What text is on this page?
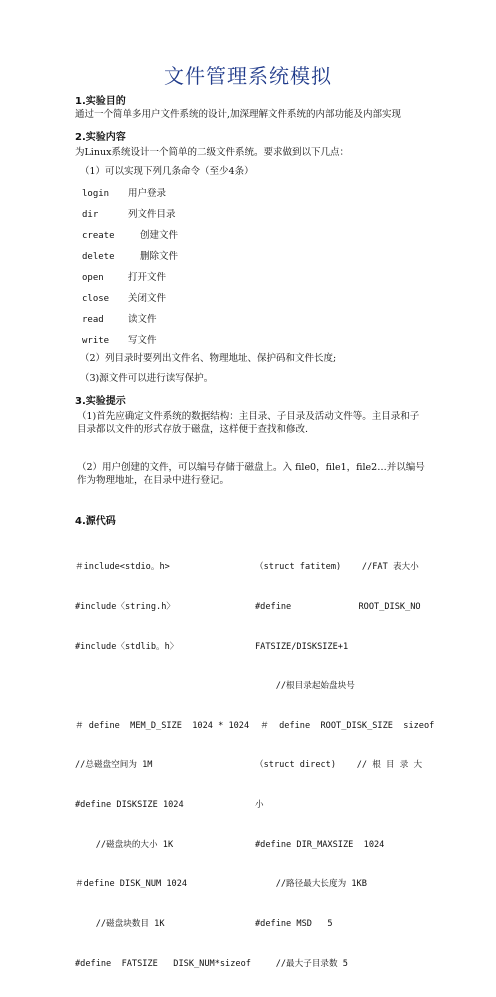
文件管理系统模拟
1.实验目的
通过一个简单多用户文件系统的设计,加深理解文件系统的内部功能及内部实现
2.实验内容
为Linux系统设计一个简单的二级文件系统。要求做到以下几点：
（1）可以实现下列几条命令（至少4条）
login 用户登录
dir	列文件目录
create	创建文件
delete	删除文件
open	打开文件
close 关闭文件
read	读文件
write 写文件
（2）列目录时要列出文件名、物理地址、保护码和文件长度;
（3)源文件可以进行读写保护。
3.实验提示
（1)首先应确定文件系统的数据结构：主目录、子目录及活动文件等。主目录和子目录都以文件的形式存放于磁盘，这样便于查找和修改.
（2）用户创建的文件，可以编号存储于磁盘上。入 file0，file1，file2…并以编号作为物理地址，在目录中进行登记。
4.源代码

＃include<stdio。h>

#include〈string.h〉

#include〈stdlib。h〉

＃ define  MEM_D_SIZE  1024 * 1024

//总磁盘空间为 1M

#define DISKSIZE 1024

//磁盘块的大小 1K

＃define DISK_NUM 1024

//磁盘块数目 1K

#define  FATSIZE   DISK_NUM*sizeof

（struct fatitem)    //FAT 表大小

#define             ROOT_DISK_NO

FATSIZE/DISKSIZE+1

//根目录起始盘块号

＃  define  ROOT_DISK_SIZE  sizeof

（struct direct)    // 根 目 录 大

小

#define DIR_MAXSIZE  1024

//路径最大长度为 1KB

#define MSD   5

//最大子目录数 5
